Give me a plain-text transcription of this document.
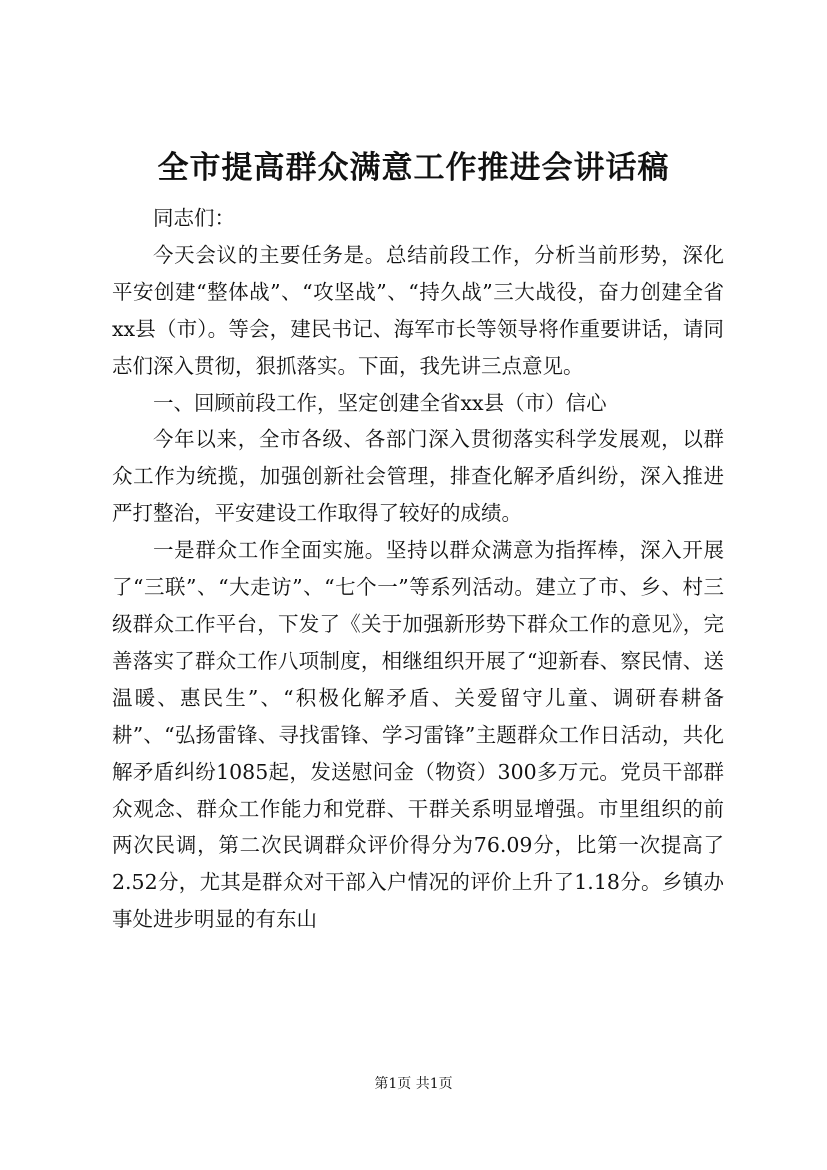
全市提高群众满意工作推进会讲话稿

同志们：

今天会议的主要任务是。总结前段工作，分析当前形势，深化平安创建“整体战”、“攻坚战”、“持久战”三大战役，奋力创建全省xx县（市）。等会，建民书记、海军市长等领导将作重要讲话，请同志们深入贯彻，狠抓落实。下面，我先讲三点意见。

一、回顾前段工作，坚定创建全省xx县（市）信心

今年以来，全市各级、各部门深入贯彻落实科学发展观，以群众工作为统揽，加强创新社会管理，排查化解矛盾纠纷，深入推进严打整治，平安建设工作取得了较好的成绩。

一是群众工作全面实施。坚持以群众满意为指挥棒，深入开展了“三联”、“大走访”、“七个一”等系列活动。建立了市、乡、村三级群众工作平台，下发了《关于加强新形势下群众工作的意见》，完善落实了群众工作八项制度，相继组织开展了“迎新春、察民情、送温暖、惠民生”、“积极化解矛盾、关爱留守儿童、调研春耕备耕”、“弘扬雷锋、寻找雷锋、学习雷锋”主题群众工作日活动，共化解矛盾纠纷1085起，发送慰问金（物资）300多万元。党员干部群众观念、群众工作能力和党群、干群关系明显增强。市里组织的前两次民调，第二次民调群众评价得分为76.09分，比第一次提高了2.52分，尤其是群众对干部入户情况的评价上升了1.18分。乡镇办事处进步明显的有东山

第1页 共1页
